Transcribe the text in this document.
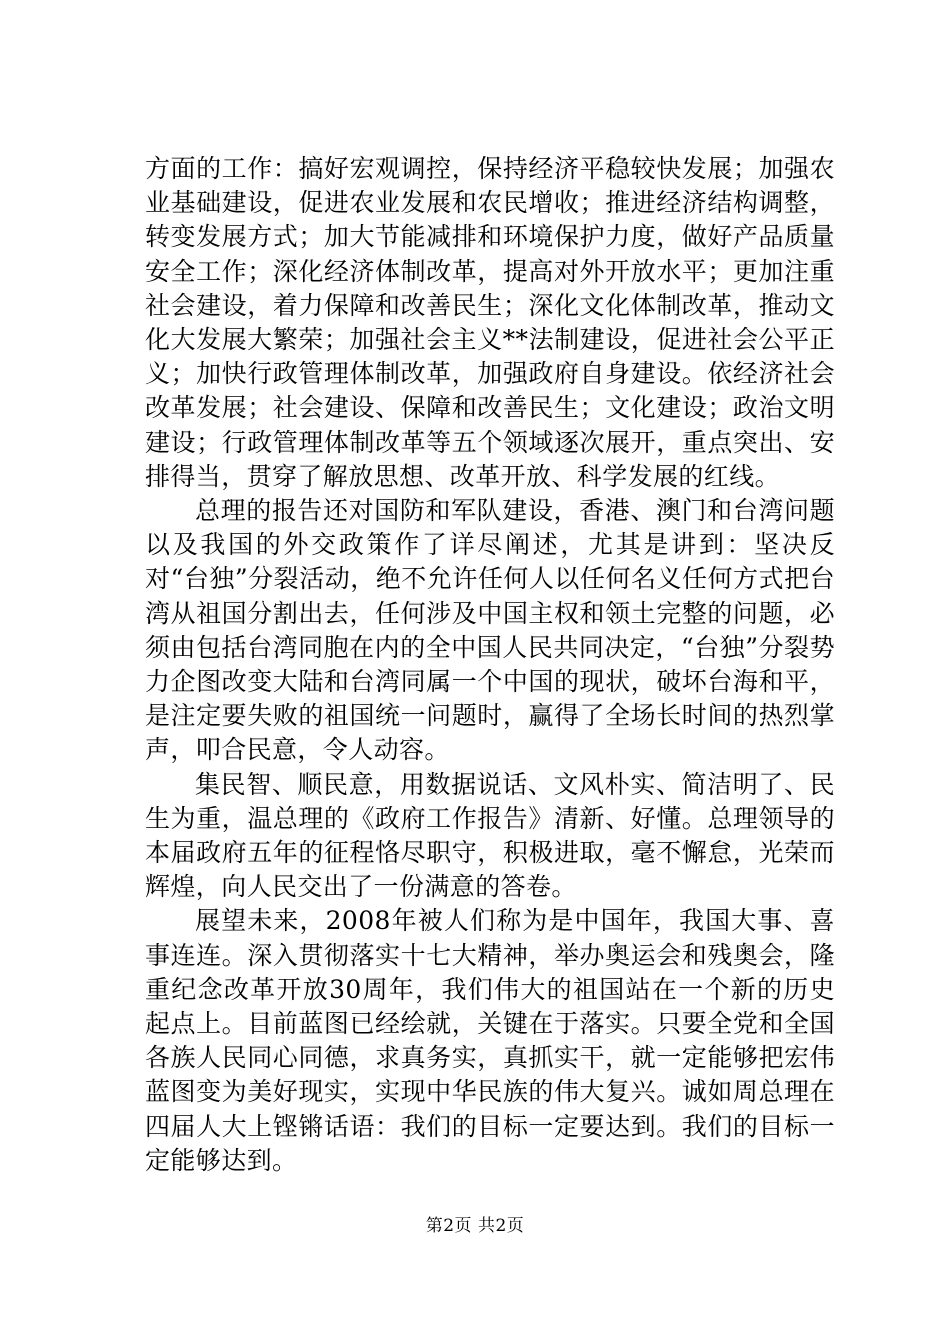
方面的工作：搞好宏观调控，保持经济平稳较快发展；加强农业基础建设，促进农业发展和农民增收；推进经济结构调整，转变发展方式；加大节能减排和环境保护力度，做好产品质量安全工作；深化经济体制改革，提高对外开放水平；更加注重社会建设，着力保障和改善民生；深化文化体制改革，推动文化大发展大繁荣；加强社会主义**法制建设，促进社会公平正义；加快行政管理体制改革，加强政府自身建设。依经济社会改革发展；社会建设、保障和改善民生；文化建设；政治文明建设；行政管理体制改革等五个领域逐次展开，重点突出、安排得当，贯穿了解放思想、改革开放、科学发展的红线。

总理的报告还对国防和军队建设，香港、澳门和台湾问题以及我国的外交政策作了详尽阐述，尤其是讲到：坚决反对“台独”分裂活动，绝不允许任何人以任何名义任何方式把台湾从祖国分割出去，任何涉及中国主权和领土完整的问题，必须由包括台湾同胞在内的全中国人民共同决定，“台独”分裂势力企图改变大陆和台湾同属一个中国的现状，破坏台海和平，是注定要失败的祖国统一问题时，赢得了全场长时间的热烈掌声，叩合民意，令人动容。

集民智、顺民意，用数据说话、文风朴实、简洁明了、民生为重，温总理的《政府工作报告》清新、好懂。总理领导的本届政府五年的征程恪尽职守，积极进取，毫不懈怠，光荣而辉煌，向人民交出了一份满意的答卷。

展望未来，2008年被人们称为是中国年，我国大事、喜事连连。深入贯彻落实十七大精神，举办奥运会和残奥会，隆重纪念改革开放30周年，我们伟大的祖国站在一个新的历史起点上。目前蓝图已经绘就，关键在于落实。只要全党和全国各族人民同心同德，求真务实，真抓实干，就一定能够把宏伟蓝图变为美好现实，实现中华民族的伟大复兴。诚如周总理在四届人大上铿锵话语：我们的目标一定要达到。我们的目标一定能够达到。

第2页 共2页
